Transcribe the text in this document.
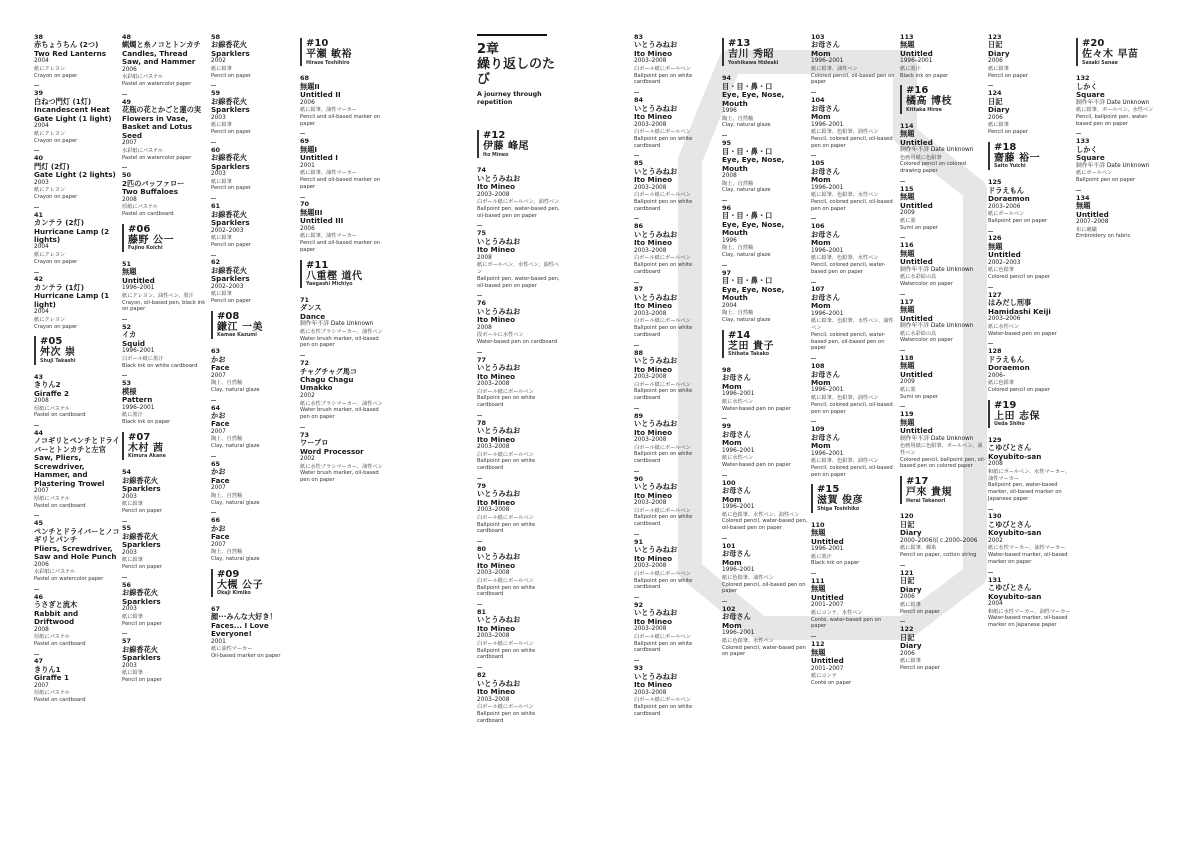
2章
繰り返しのたび
A journey through repetition
38
赤ちょうちん (2つ)
Two Red Lanterns
2004
紙にクレヨン
Crayon on paper
39
白ねつ門灯 (1灯)
Incandescent Heat Gate Light (1 light)
2004
紙にクレヨン
Crayon on paper
40
門灯 (2灯)
Gate Light (2 lights)
2003
紙にクレヨン
Crayon on paper
41
カンテラ (2灯)
Hurricane Lamp (2 lights)
2004
紙にクレヨン
Crayon on paper
42
カンテラ (1灯)
Hurricane Lamp (1 light)
2004
紙にクレヨン
Crayon on paper
#05
舛次 崇
Shuji Takashi
43
きりん2
Giraffe 2
2008
厚紙にパステル
Pastel on cardboard
44
ノコギリとペンチとドライバーとトンカチと左官
Saw, Pliers, Screwdriver, Hammer, and Plastering Trowel
2007
厚紙にパステル
Pastel on cardboard
45
ペンチとドライバーとノコギリとパンチ
Pliers, Screwdriver, Saw and Hole Punch
2006
水彩紙にパステル
Pastel on watercolor paper
46
うさぎと流木
Rabbit and Driftwood
2008
厚紙にパステル
Pastel on cardboard
47
きりん1
Giraffe 1
2007
厚紙にパステル
Pastel on cardboard
48
蝋燭と糸ノコとトンカチ
Candles, Thread Saw, and Hammer
2006
水彩紙にパステル
Pastel on watercolor paper
49
花瓶の花とかごと蓮の実
Flowers in Vase, Basket and Lotus Seed
2007
水彩紙にパステル
Pastel on watercolor paper
50
2匹のバッファロー
Two Buffaloes
2008
厚紙にパステル
Pastel on cardboard
#06
藤野 公一
Fujino Koichi
51
無題
Untitled
1996–2001
紙にクレヨン、油性ペン、墨汁
Crayon, oil-based pen, black ink on paper
52
イカ
Squid
1996–2001
白ボール紙に墨汁
Black ink on white cardboard
53
模様
Pattern
1996–2001
紙に墨汁
Black ink on paper
#07
木村 茜
Kimura Akane
54
お線香花火
Sparklers
2003
紙に鉛筆
Pencil on paper
55
お線香花火
Sparklers
2003
紙に鉛筆
Pencil on paper
56
お線香花火
Sparklers
2003
紙に鉛筆
Pencil on paper
57
お線香花火
Sparklers
2003
紙に鉛筆
Pencil on paper
58
お線香花火
Sparklers
2002
紙に鉛筆
Pencil on paper
59
お線香花火
Sparklers
2003
紙に鉛筆
Pencil on paper
60
お線香花火
Sparklers
2003
紙に鉛筆
Pencil on paper
61
お線香花火
Sparklers
2002–2003
紙に鉛筆
Pencil on paper
62
お線香花火
Sparklers
2002–2003
紙に鉛筆
Pencil on paper
#08
鎌江 一美
Kamae Kazumi
63
かお
Face
2007
陶土、自然釉
Clay, natural glaze
64
かお
Face
2007
陶土、自然釉
Clay, natural glaze
65
かお
Face
2007
陶土、自然釉
Clay, natural glaze
66
かお
Face
2007
陶土、自然釉
Clay, natural glaze
#09
大槻 公子
Okaji Kimiko
67
顔···みんな大好き！
Faces... I Love Everyone!
2001
紙に油性マーカー
Oil-based marker on paper
#10
平瀬 敏裕
Hirase Toshihiro
68
無題II
Untitled II
2006
紙に鉛筆、油性マーカー
Pencil and oil-based marker on paper
69
無題I
Untitled I
2001
紙に鉛筆、油性マーカー
Pencil and oil-based marker on paper
70
無題III
Untitled III
2006
紙に鉛筆、油性マーカー
Pencil and oil-based marker on paper
#11
八重樫 道代
Yaegashi Michiyo
71
ダンス
Dance
制作年不詳 Date Unknown
紙に水性ブラシマーカー、油性ペン
Water brush marker, oil-based pen on paper
72
チャグチャグ馬コ
Chagu Chagu Umakko
2002
紙に水性ブラシマーカー、油性ペン
Water brush marker, oil-based pen on paper
73
ワープロ
Word Processor
2002
紙に水性ブラシマーカー、油性ペン
Water brush marker, oil-based pen on paper
#12
伊藤 峰尾
Ito Mineo
74
いとうみねお
Ito Mineo
2003–2008
白ボール紙にボールペン、油性ペン
Ballpoint pen, water-based pen, oil-based pen on paper
75
いとうみねお
Ito Mineo
2008
紙にボールペン、水性ペン、油性ペン
Ballpoint pen, water-based pen, oil-based pen on paper
76
いとうみねお
Ito Mineo
2008
段ボールに水性ペン
Water-based pen on cardboard
77
いとうみねお
Ito Mineo
2003–2008
白ボール紙にボールペン
Ballpoint pen on white cardboard
78
いとうみねお
Ito Mineo
2003–2008
白ボール紙にボールペン
Ballpoint pen on white cardboard
79
いとうみねお
Ito Mineo
2003–2008
白ボール紙にボールペン
Ballpoint pen on white cardboard
80
いとうみねお
Ito Mineo
2003–2008
白ボール紙にボールペン
Ballpoint pen on white cardboard
81
いとうみねお
Ito Mineo
2003–2008
白ボール紙にボールペン
Ballpoint pen on white cardboard
82
いとうみねお
Ito Mineo
2003–2008
白ボール紙にボールペン
Ballpoint pen on white cardboard
83
いとうみねお
Ito Mineo
2003–2008
白ボール紙にボールペン
Ballpoint pen on white cardboard
84
いとうみねお
Ito Mineo
2003–2008
白ボール紙にボールペン
Ballpoint pen on white cardboard
85
いとうみねお
Ito Mineo
2003–2008
白ボール紙にボールペン
Ballpoint pen on white cardboard
86
いとうみねお
Ito Mineo
2003–2008
白ボール紙にボールペン
Ballpoint pen on white cardboard
87
いとうみねお
Ito Mineo
2003–2008
白ボール紙にボールペン
Ballpoint pen on white cardboard
88
いとうみねお
Ito Mineo
2003–2008
白ボール紙にボールペン
Ballpoint pen on white cardboard
89
いとうみねお
Ito Mineo
2003–2008
白ボール紙にボールペン
Ballpoint pen on white cardboard
90
いとうみねお
Ito Mineo
2003–2008
白ボール紙にボールペン
Ballpoint pen on white cardboard
91
いとうみねお
Ito Mineo
2003–2008
白ボール紙にボールペン
Ballpoint pen on white cardboard
92
いとうみねお
Ito Mineo
2003–2008
白ボール紙にボールペン
Ballpoint pen on white cardboard
93
いとうみねお
Ito Mineo
2003–2008
白ボール紙にボールペン
Ballpoint pen on white cardboard
#13
吉川 秀昭
Yoshikawa Hideaki
94
目・目・鼻・口
Eye, Eye, Nose, Mouth
1996
陶土、自然釉
Clay, natural glaze
95
目・目・鼻・口
Eye, Eye, Nose, Mouth
2008
陶土、自然釉
Clay, natural glaze
96
目・目・鼻・口
Eye, Eye, Nose, Mouth
1996
陶土、自然釉
Clay, natural glaze
97
目・目・鼻・口
Eye, Eye, Nose, Mouth
2004
陶土、自然釉
Clay, natural glaze
#14
芝田 貴子
Shibata Takako
98
お母さん
Mom
1996–2001
紙に水性ペン
Water-based pen on paper
99
お母さん
Mom
1996–2001
紙に水性ペン
Water-based pen on paper
100
お母さん
Mom
1996–2001
紙に色鉛筆、水性ペン、油性ペン
Colored pencil, water-based pen, oil-based pen on paper
101
お母さん
Mom
1996–2001
紙に色鉛筆、油性ペン
Colored pencil, oil-based pen on paper
102
お母さん
Mom
1996–2001
紙に色鉛筆、水性ペン
Colored pencil, water-based pen on paper
103
お母さん
Mom
1996–2001
紙に鉛筆、油性ペン
Colored pencil, oil-based pen on paper
104
お母さん
Mom
1996–2001
紙に鉛筆、色鉛筆、油性ペン
Pencil, colored pencil, oil-based pen on paper
105
お母さん
Mom
1996–2001
紙に鉛筆、色鉛筆、水性ペン
Pencil, colored pencil, oil-based pen on paper
106
お母さん
Mom
1996–2001
紙に鉛筆、色鉛筆、水性ペン
Pencil, colored pencil, water-based pen on paper
107
お母さん
Mom
1996–2001
紙に鉛筆、色鉛筆、水性ペン、油性ペン
Pencil, colored pencil, water-based pen, oil-based pen on paper
108
お母さん
Mom
1996–2001
紙に鉛筆、色鉛筆、油性ペン
Pencil, colored pencil, oil-based pen on paper
109
お母さん
Mom
1996–2001
紙に鉛筆、色鉛筆、油性ペン
Pencil, colored pencil, oil-based pen on paper
#15
滋賀 俊彦
Shiga Toshihiko
110
無題
Untitled
1996–2001
紙に墨汁
Black ink on paper
111
無題
Untitled
2001–2007
紙にコンテ、水性ペン
Conté, water-based pen on paper
112
無題
Untitled
2001–2007
紙にコンテ
Conté on paper
113
無題
Untitled
1996–2001
紙に墨汁
Black ink on paper
#16
橘高 博枝
Kittaka Hiroe
114
無題
Untitled
制作年不詳 Date Unknown
色画用紙に色鉛筆
Colored pencil on colored drawing paper
115
無題
Untitled
2009
紙に墨
Sumi on paper
116
無題
Untitled
制作年不詳 Date Unknown
紙に水彩絵の具
Watercolor on paper
117
無題
Untitled
制作年不詳 Date Unknown
紙に水彩絵の具
Watercolor on paper
118
無題
Untitled
2009
紙に墨
Sumi on paper
119
無題
Untitled
制作年不詳 Date Unknown
色画用紙に色鉛筆、ボールペン、油性ペン
Colored pencil, ballpoint pen, oil-based pen on colored paper
#17
戸來 貴規
Herai Takanori
120
日記
Diary
2000–2006頃 c.2000–2006
紙に鉛筆、綿糸
Pencil on paper, cotton string
121
日記
Diary
2006
紙に鉛筆
Pencil on paper
122
日記
Diary
2006
紙に鉛筆
Pencil on paper
123
日記
Diary
2006
紙に鉛筆
Pencil on paper
124
日記
Diary
2006
紙に鉛筆
Pencil on paper
#18
齋藤 裕一
Saito Yuichi
125
ドラえもん
Doraemon
2003–2006
紙にボールペン
Ballpoint pen on paper
126
無題
Untitled
2002–2003
紙に色鉛筆
Colored pencil on paper
127
はみだし刑事
Hamidashi Keiji
2003–2006
紙に水性ペン
Water-based pen on paper
128
ドラえもん
Doraemon
2006–
紙に色鉛筆
Colored pencil on paper
#19
上田 志保
Ueda Shiho
129
こゆびとさん
Koyubito-san
2008
和紙にボールペン、水性マーカー、油性マーカー
Ballpoint pen, water-based marker, oil-based marker on Japanese paper
130
こゆびとさん
Koyubito-san
2002
紙に水性マーカー、油性マーカー
Water-based marker, oil-based marker on paper
131
こゆびとさん
Koyubito-san
2004
和紙に水性マーカー、油性マーカー
Water-based marker, oil-based marker on Japanese paper
#20
佐々木 早苗
Sasaki Sanae
132
しかく
Square
制作年不詳 Date Unknown
紙に鉛筆、ボールペン、水性ペン
Pencil, ballpoint pen, water-based pen on paper
133
しかく
Square
制作年不詳 Date Unknown
紙にボールペン
Ballpoint pen on paper
134
無題
Untitled
2007–2008
布に刺繍
Embroidery on fabric
